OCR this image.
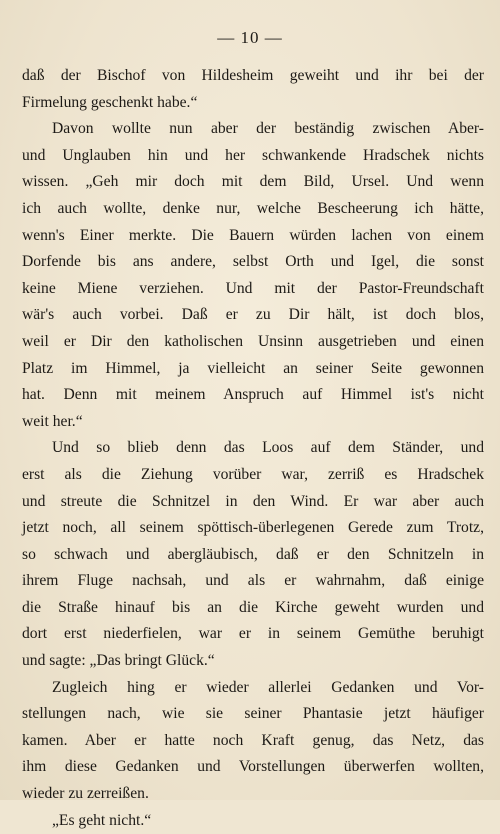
— 10 —
daß der Bischof von Hildesheim geweiht und ihr bei der
Firmelung geschenkt habe.“
Davon wollte nun aber der beständig zwischen Aber-
und Unglauben hin und her schwankende Hradschek nichts
wissen. „Geh mir doch mit dem Bild, Ursel. Und wenn
ich auch wollte, denke nur, welche Bescheerung ich hätte,
wenn's Einer merkte. Die Bauern würden lachen von einem
Dorfende bis ans andere, selbst Orth und Igel, die sonst
keine Miene verziehen. Und mit der Pastor-Freundschaft
wär's auch vorbei. Daß er zu Dir hält, ist doch blos,
weil er Dir den katholischen Unsinn ausgetrieben und einen
Platz im Himmel, ja vielleicht an seiner Seite gewonnen
hat. Denn mit meinem Anspruch auf Himmel ist's nicht
weit her.“
Und so blieb denn das Loos auf dem Ständer, und
erst als die Ziehung vorüber war, zerriß es Hradschek
und streute die Schnitzel in den Wind. Er war aber auch
jetzt noch, all seinem spöttisch-überlegenen Gerede zum Trotz,
so schwach und abergläubisch, daß er den Schnitzeln in
ihrem Fluge nachsah, und als er wahrnahm, daß einige
die Straße hinauf bis an die Kirche geweht wurden und
dort erst niederfielen, war er in seinem Gemüthe beruhigt
und sagte: „Das bringt Glück.“
Zugleich hing er wieder allerlei Gedanken und Vor-
stellungen nach, wie sie seiner Phantasie jetzt häufiger
kamen. Aber er hatte noch Kraft genug, das Netz, das
ihm diese Gedanken und Vorstellungen überwerfen wollten,
wieder zu zerreißen.
„Es geht nicht.“
